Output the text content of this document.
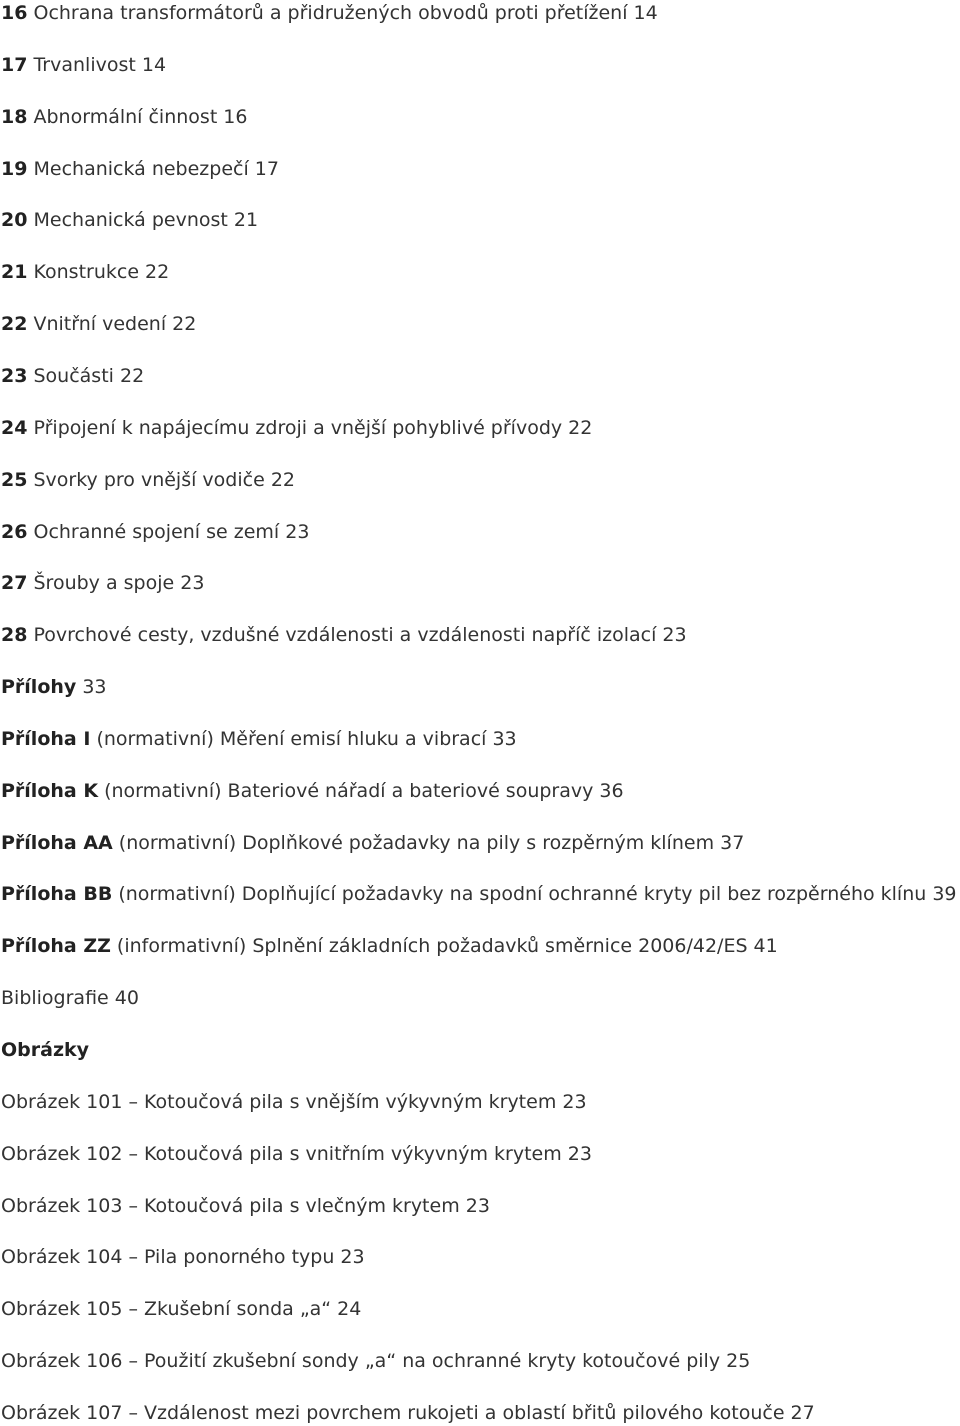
16 Ochrana transformátorů a přidružených obvodů proti přetížení 14
17 Trvanlivost 14
18 Abnormální činnost 16
19 Mechanická nebezpečí 17
20 Mechanická pevnost 21
21 Konstrukce 22
22 Vnitřní vedení 22
23 Součásti 22
24 Připojení k napájecímu zdroji a vnější pohyblivé přívody 22
25 Svorky pro vnější vodiče 22
26 Ochranné spojení se zemí 23
27 Šrouby a spoje 23
28 Povrchové cesty, vzdušné vzdálenosti a vzdálenosti napříč izolací 23
Přílohy 33
Příloha I (normativní) Měření emisí hluku a vibrací 33
Příloha K (normativní) Bateriové nářadí a bateriové soupravy 36
Příloha AA (normativní) Doplňkové požadavky na pily s rozpěrným klínem 37
Příloha BB (normativní) Doplňující požadavky na spodní ochranné kryty pil bez rozpěrného klínu 39
Příloha ZZ (informativní) Splnění základních požadavků směrnice 2006/42/ES 41
Bibliografie 40
Obrázky
Obrázek 101 – Kotoučová pila s vnějším výkyvným krytem 23
Obrázek 102 – Kotoučová pila s vnitřním výkyvným krytem 23
Obrázek 103 – Kotoučová pila s vlečným krytem 23
Obrázek 104 – Pila ponorného typu 23
Obrázek 105 – Zkušební sonda „a“ 24
Obrázek 106 – Použití zkušební sondy „a“ na ochranné kryty kotoučové pily 25
Obrázek 107 – Vzdálenost mezi povrchem rukojeti a oblastí břitů pilového kotouče 27
